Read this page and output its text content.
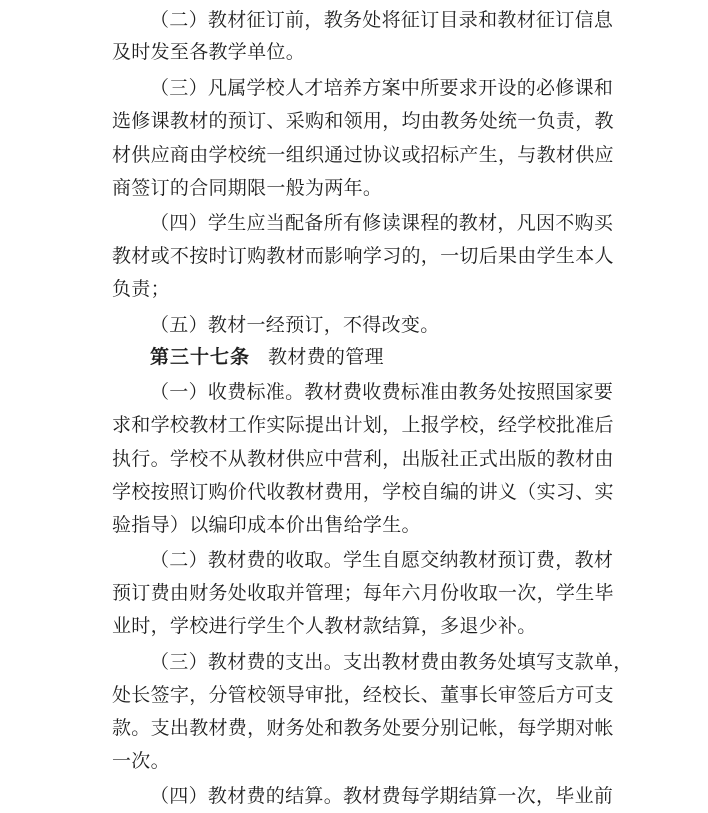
（二）教材征订前，教务处将征订目录和教材征订信息
及时发至各教学单位。
（三）凡属学校人才培养方案中所要求开设的必修课和
选修课教材的预订、采购和领用，均由教务处统一负责，教
材供应商由学校统一组织通过协议或招标产生，与教材供应
商签订的合同期限一般为两年。
（四）学生应当配备所有修读课程的教材，凡因不购买
教材或不按时订购教材而影响学习的，一切后果由学生本人
负责；
（五）教材一经预订，不得改变。
第三十七条 教材费的管理
（一）收费标准。教材费收费标准由教务处按照国家要
求和学校教材工作实际提出计划，上报学校，经学校批准后
执行。学校不从教材供应中营利，出版社正式出版的教材由
学校按照订购价代收教材费用，学校自编的讲义（实习、实
验指导）以编印成本价出售给学生。
（二）教材费的收取。学生自愿交纳教材预订费，教材
预订费由财务处收取并管理；每年六月份收取一次，学生毕
业时，学校进行学生个人教材款结算，多退少补。
（三）教材费的支出。支出教材费由教务处填写支款单，
处长签字，分管校领导审批，经校长、董事长审签后方可支
款。支出教材费，财务处和教务处要分别记帐，每学期对帐
一次。
（四）教材费的结算。教材费每学期结算一次，毕业前
